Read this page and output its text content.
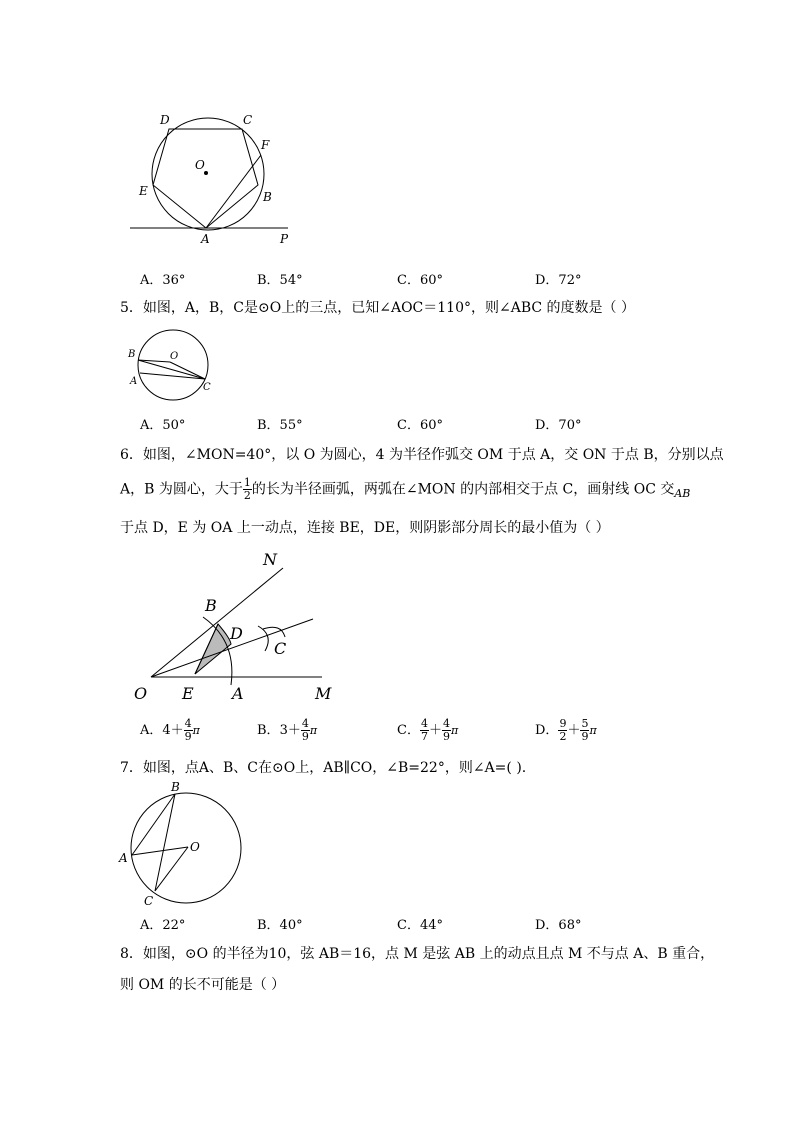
D	C
F
O
E	B
A	P
A．36°	B．54°	C．60°	D．72°
5．如图，A，B，C是⊙O上的三点，已知∠AOC＝110°，则∠ABC 的度数是（ ）
B	O
A
C
A．50°	B．55°	C．60°	D．70°
6．如图，∠MON=40°，以 O 为圆心，4 为半径作弧交 OM 于点 A，交 ON 于点 B，分别以点
A，B 为圆心，大于 $\frac{1}{2}$ 的长为半径画弧，两弧在∠MON 的内部相交于点 C，画射线 OC 交$_{AB}$
于点 D，E 为 OA 上一动点，连接 BE，DE，则阴影部分周长的最小值为（ ）
N
B
D
C
O E A	M
A．$4+ \frac{4}{9}$ π	B．$3+ \frac{4}{9}$ π	C． $\frac{4}{7} + \frac{4}{9}$ π	D． $\frac{9}{2} + \frac{5}{9}$ π
7．如图，点A、B、C在⊙O上，AB∥CO，∠B=22°，则∠A=( ).
B
A
O
C
A．22°	B．40°	C．44°	D．68°
8．如图，⊙O 的半径为10，弦 AB＝16，点 M 是弦 AB 上的动点且点 M 不与点 A、B 重合，
则 OM 的长不可能是（ ）
